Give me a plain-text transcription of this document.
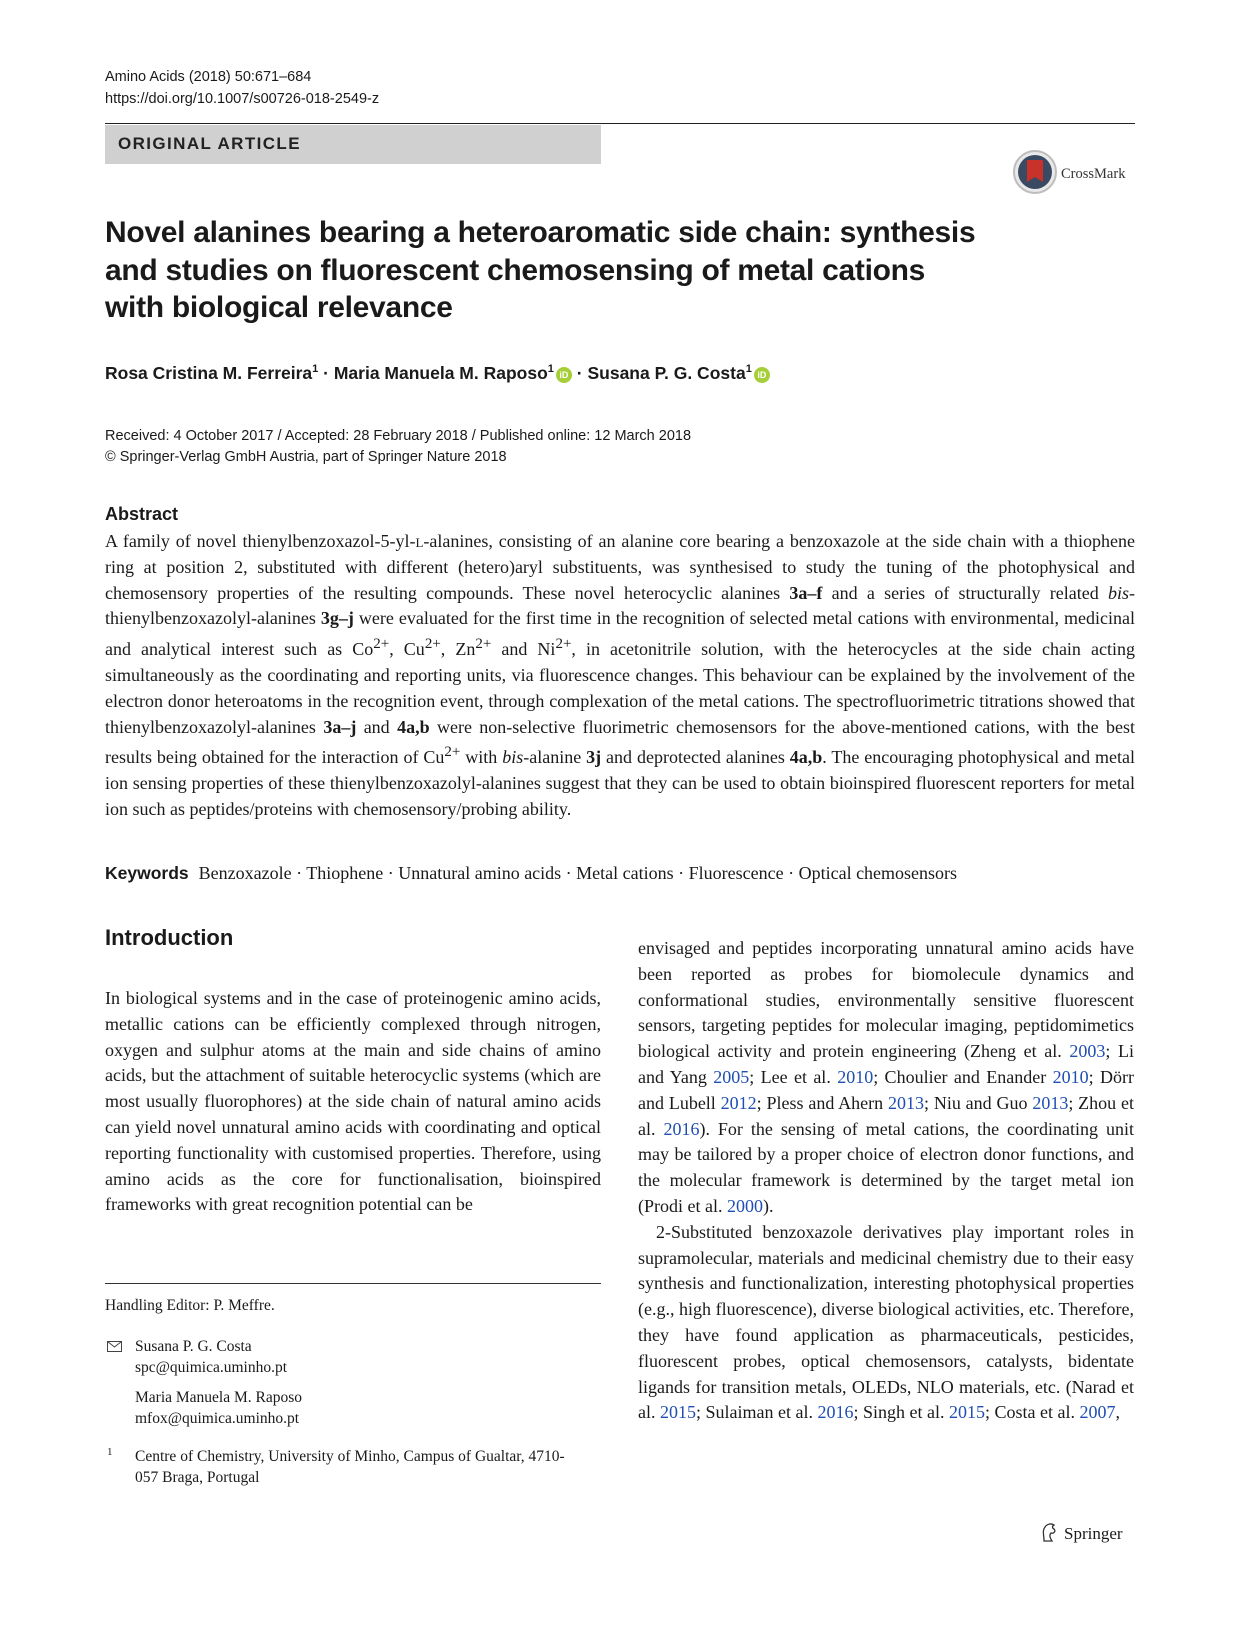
Amino Acids (2018) 50:671–684
https://doi.org/10.1007/s00726-018-2549-z
ORIGINAL ARTICLE
CrossMark
Novel alanines bearing a heteroaromatic side chain: synthesis
and studies on fluorescent chemosensing of metal cations
with biological relevance
Rosa Cristina M. Ferreira$^1$ · Maria Manuela M. Raposo$^1$ iD · Susana P. G. Costa$^1$ iD
Received: 4 October 2017 / Accepted: 28 February 2018 / Published online: 12 March 2018
© Springer-Verlag GmbH Austria, part of Springer Nature 2018
Abstract
A family of novel thienylbenzoxazol-5-yl-l-alanines, consisting of an alanine core bearing a benzoxazole at the side chain with a thiophene ring at position 2, substituted with different (hetero)aryl substituents, was synthesised to study the tuning of the photophysical and chemosensory properties of the resulting compounds. These novel heterocyclic alanines 3a–f and a series of structurally related bis-thienylbenzoxazolyl-alanines 3g–j were evaluated for the first time in the recognition of selected metal cations with environmental, medicinal and analytical interest such as $Co^{2+}$, $Cu^{2+}$, $Zn^{2+}$ and $Ni^{2+}$, in acetonitrile solution, with the heterocycles at the side chain acting simultaneously as the coordinating and reporting units, via fluorescence changes. This behaviour can be explained by the involvement of the electron donor heteroatoms in the recognition event, through complexation of the metal cations. The spectrofluorimetric titrations showed that thienylbenzoxazolyl-alanines 3a–j and 4a,b were non-selective fluorimetric chemosensors for the above-mentioned cations, with the best results being obtained for the interaction of $Cu^{2+}$ with bis-alanine 3j and deprotected alanines 4a,b. The encouraging photophysical and metal ion sensing properties of these thienylbenzoxazolyl-alanines suggest that they can be used to obtain bioinspired fluorescent reporters for metal ion such as peptides/proteins with chemosensory/probing ability.
Keywords Benzoxazole · Thiophene · Unnatural amino acids · Metal cations · Fluorescence · Optical chemosensors
Introduction
In biological systems and in the case of proteinogenic amino acids, metallic cations can be efficiently complexed through nitrogen, oxygen and sulphur atoms at the main and side chains of amino acids, but the attachment of suitable heterocyclic systems (which are most usually fluorophores) at the side chain of natural amino acids can yield novel unnatural amino acids with coordinating and optical reporting functionality with customised properties. Therefore, using amino acids as the core for functionalisation, bioinspired frameworks with great recognition potential can be

envisaged and peptides incorporating unnatural amino acids have been reported as probes for biomolecule dynamics and conformational studies, environmentally sensitive fluorescent sensors, targeting peptides for molecular imaging, peptidomimetics biological activity and protein engineering (Zheng et al. 2003; Li and Yang 2005; Lee et al. 2010; Choulier and Enander 2010; Dörr and Lubell 2012; Pless and Ahern 2013; Niu and Guo 2013; Zhou et al. 2016). For the sensing of metal cations, the coordinating unit may be tailored by a proper choice of electron donor functions, and the molecular framework is determined by the target metal ion (Prodi et al. 2000).

2-Substituted benzoxazole derivatives play important roles in supramolecular, materials and medicinal chemistry due to their easy synthesis and functionalization, interesting photophysical properties (e.g., high fluorescence), diverse biological activities, etc. Therefore, they have found application as pharmaceuticals, pesticides, fluorescent probes, optical chemosensors, catalysts, bidentate ligands for transition metals, OLEDs, NLO materials, etc. (Narad et al. 2015; Sulaiman et al. 2016; Singh et al. 2015; Costa et al. 2007,

Handling Editor: P. Meffre.
Susana P. G. Costa
spc@quimica.uminho.pt
Maria Manuela M. Raposo
mfox@quimica.uminho.pt
1 Centre of Chemistry, University of Minho, Campus of Gualtar, 4710-057 Braga, Portugal
Springer
